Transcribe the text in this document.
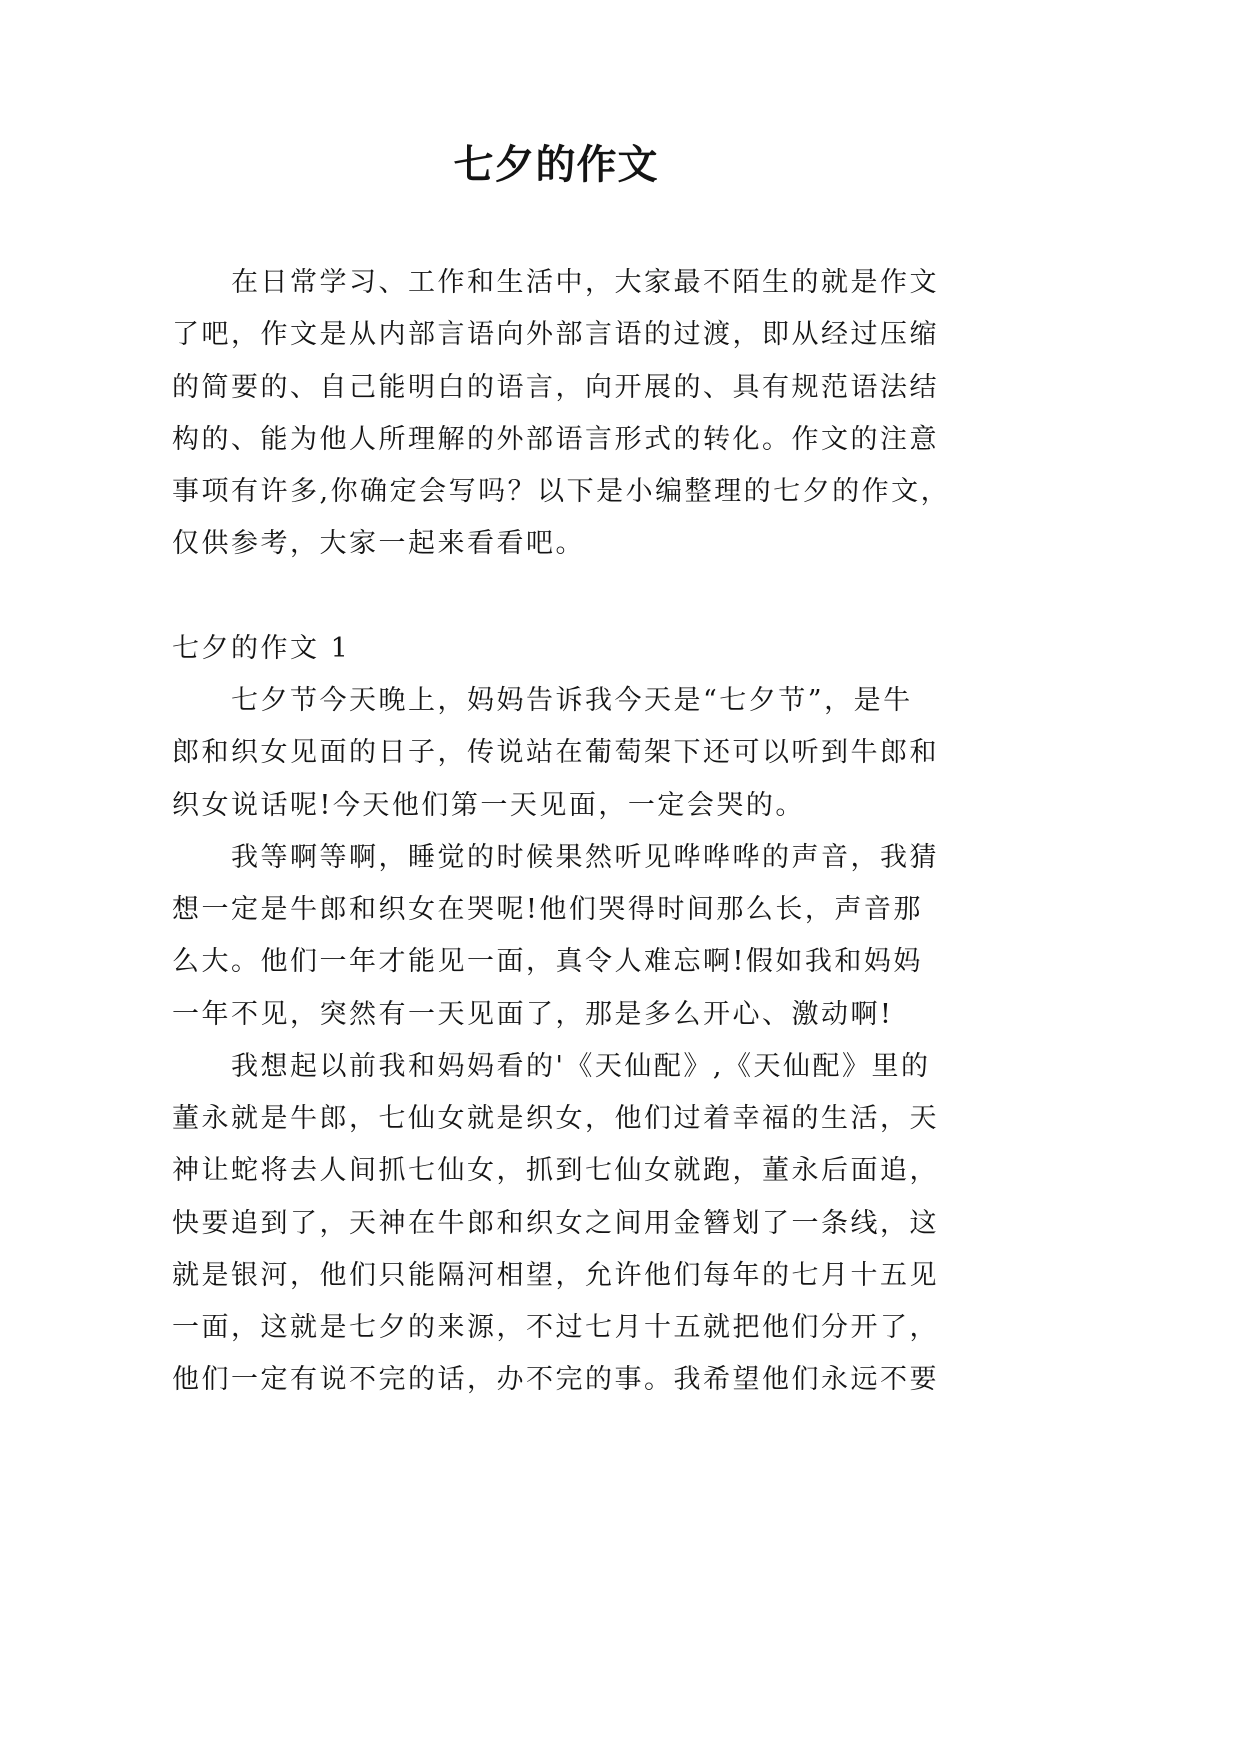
七夕的作文
在日常学习、工作和生活中，大家最不陌生的就是作文
了吧，作文是从内部言语向外部言语的过渡，即从经过压缩
的简要的、自己能明白的语言，向开展的、具有规范语法结
构的、能为他人所理解的外部语言形式的转化。作文的注意
事项有许多,你确定会写吗？以下是小编整理的七夕的作文，
仅供参考，大家一起来看看吧。
七夕的作文 1
七夕节今天晚上，妈妈告诉我今天是“七夕节”，是牛
郎和织女见面的日子，传说站在葡萄架下还可以听到牛郎和
织女说话呢!今天他们第一天见面，一定会哭的。
我等啊等啊，睡觉的时候果然听见哗哗哗的声音，我猜
想一定是牛郎和织女在哭呢!他们哭得时间那么长，声音那
么大。他们一年才能见一面，真令人难忘啊!假如我和妈妈
一年不见，突然有一天见面了，那是多么开心、激动啊!
我想起以前我和妈妈看的'《天仙配》,《天仙配》里的
董永就是牛郎，七仙女就是织女，他们过着幸福的生活，天
神让蛇将去人间抓七仙女，抓到七仙女就跑，董永后面追，
快要追到了，天神在牛郎和织女之间用金簪划了一条线，这
就是银河，他们只能隔河相望，允许他们每年的七月十五见
一面，这就是七夕的来源，不过七月十五就把他们分开了，
他们一定有说不完的话，办不完的事。我希望他们永远不要
